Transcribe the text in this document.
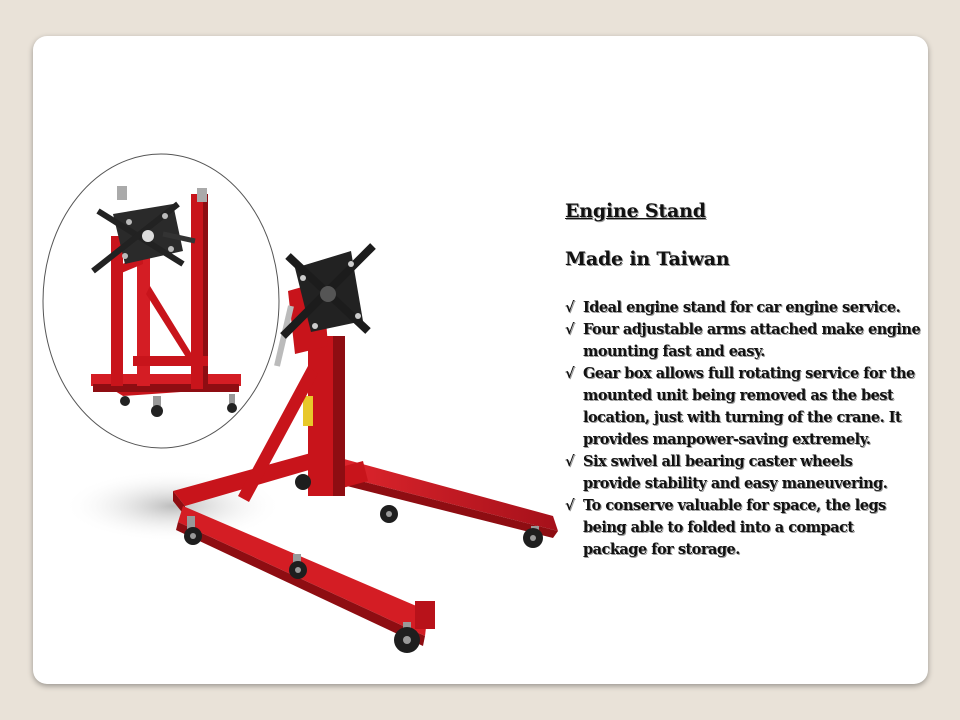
Engine Stand
Made in Taiwan
√ Ideal engine stand for car engine service.
√ Four adjustable arms attached make engine
mounting fast and easy.
√ Gear box allows full rotating service for the
mounted unit being removed as the best
location, just with turning of the crane. It
provides manpower-saving extremely.
√ Six swivel all bearing caster wheels
provide stability and easy maneuvering.
√ To conserve valuable for space, the legs
being able to folded into a compact
package for storage.
